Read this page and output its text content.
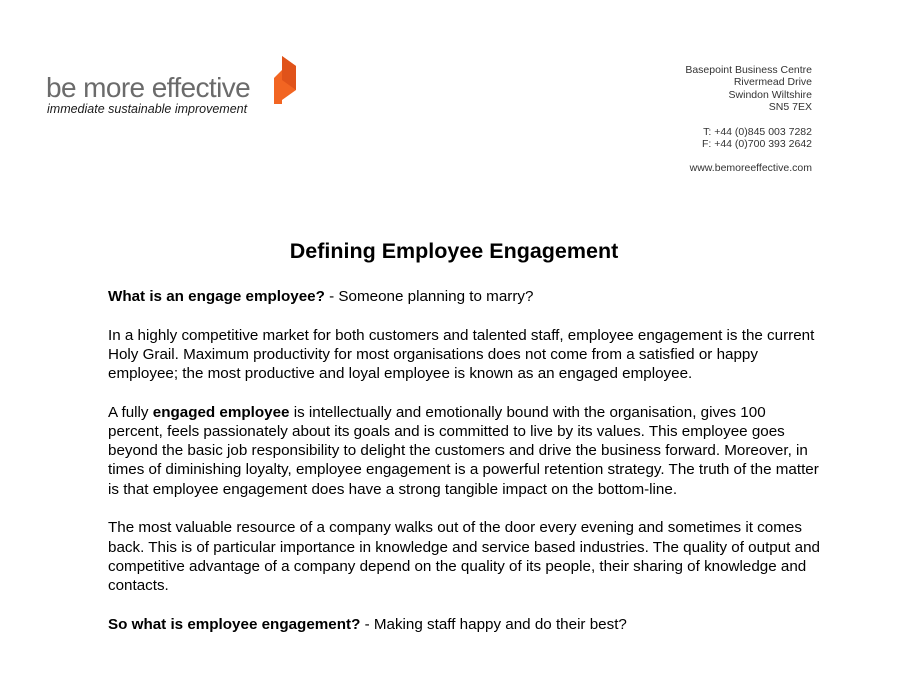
be more effective
immediate sustainable improvement
Basepoint Business Centre
Rivermead Drive
Swindon Wiltshire
SN5 7EX
T: +44 (0)845 003 7282
F: +44 (0)700 393 2642
www.bemoreeffective.com
Defining Employee Engagement

What is an engage employee? - Someone planning to marry?

In a highly competitive market for both customers and talented staff, employee engagement is the current Holy Grail. Maximum productivity for most organisations does not come from a satisfied or happy employee; the most productive and loyal employee is known as an engaged employee.

A fully engaged employee is intellectually and emotionally bound with the organisation, gives 100 percent, feels passionately about its goals and is committed to live by its values. This employee goes beyond the basic job responsibility to delight the customers and drive the business forward. Moreover, in times of diminishing loyalty, employee engagement is a powerful retention strategy. The truth of the matter is that employee engagement does have a strong tangible impact on the bottom-line.

The most valuable resource of a company walks out of the door every evening and sometimes it comes back. This is of particular importance in knowledge and service based industries. The quality of output and competitive advantage of a company depend on the quality of its people, their sharing of knowledge and contacts.

So what is employee engagement? - Making staff happy and do their best?
